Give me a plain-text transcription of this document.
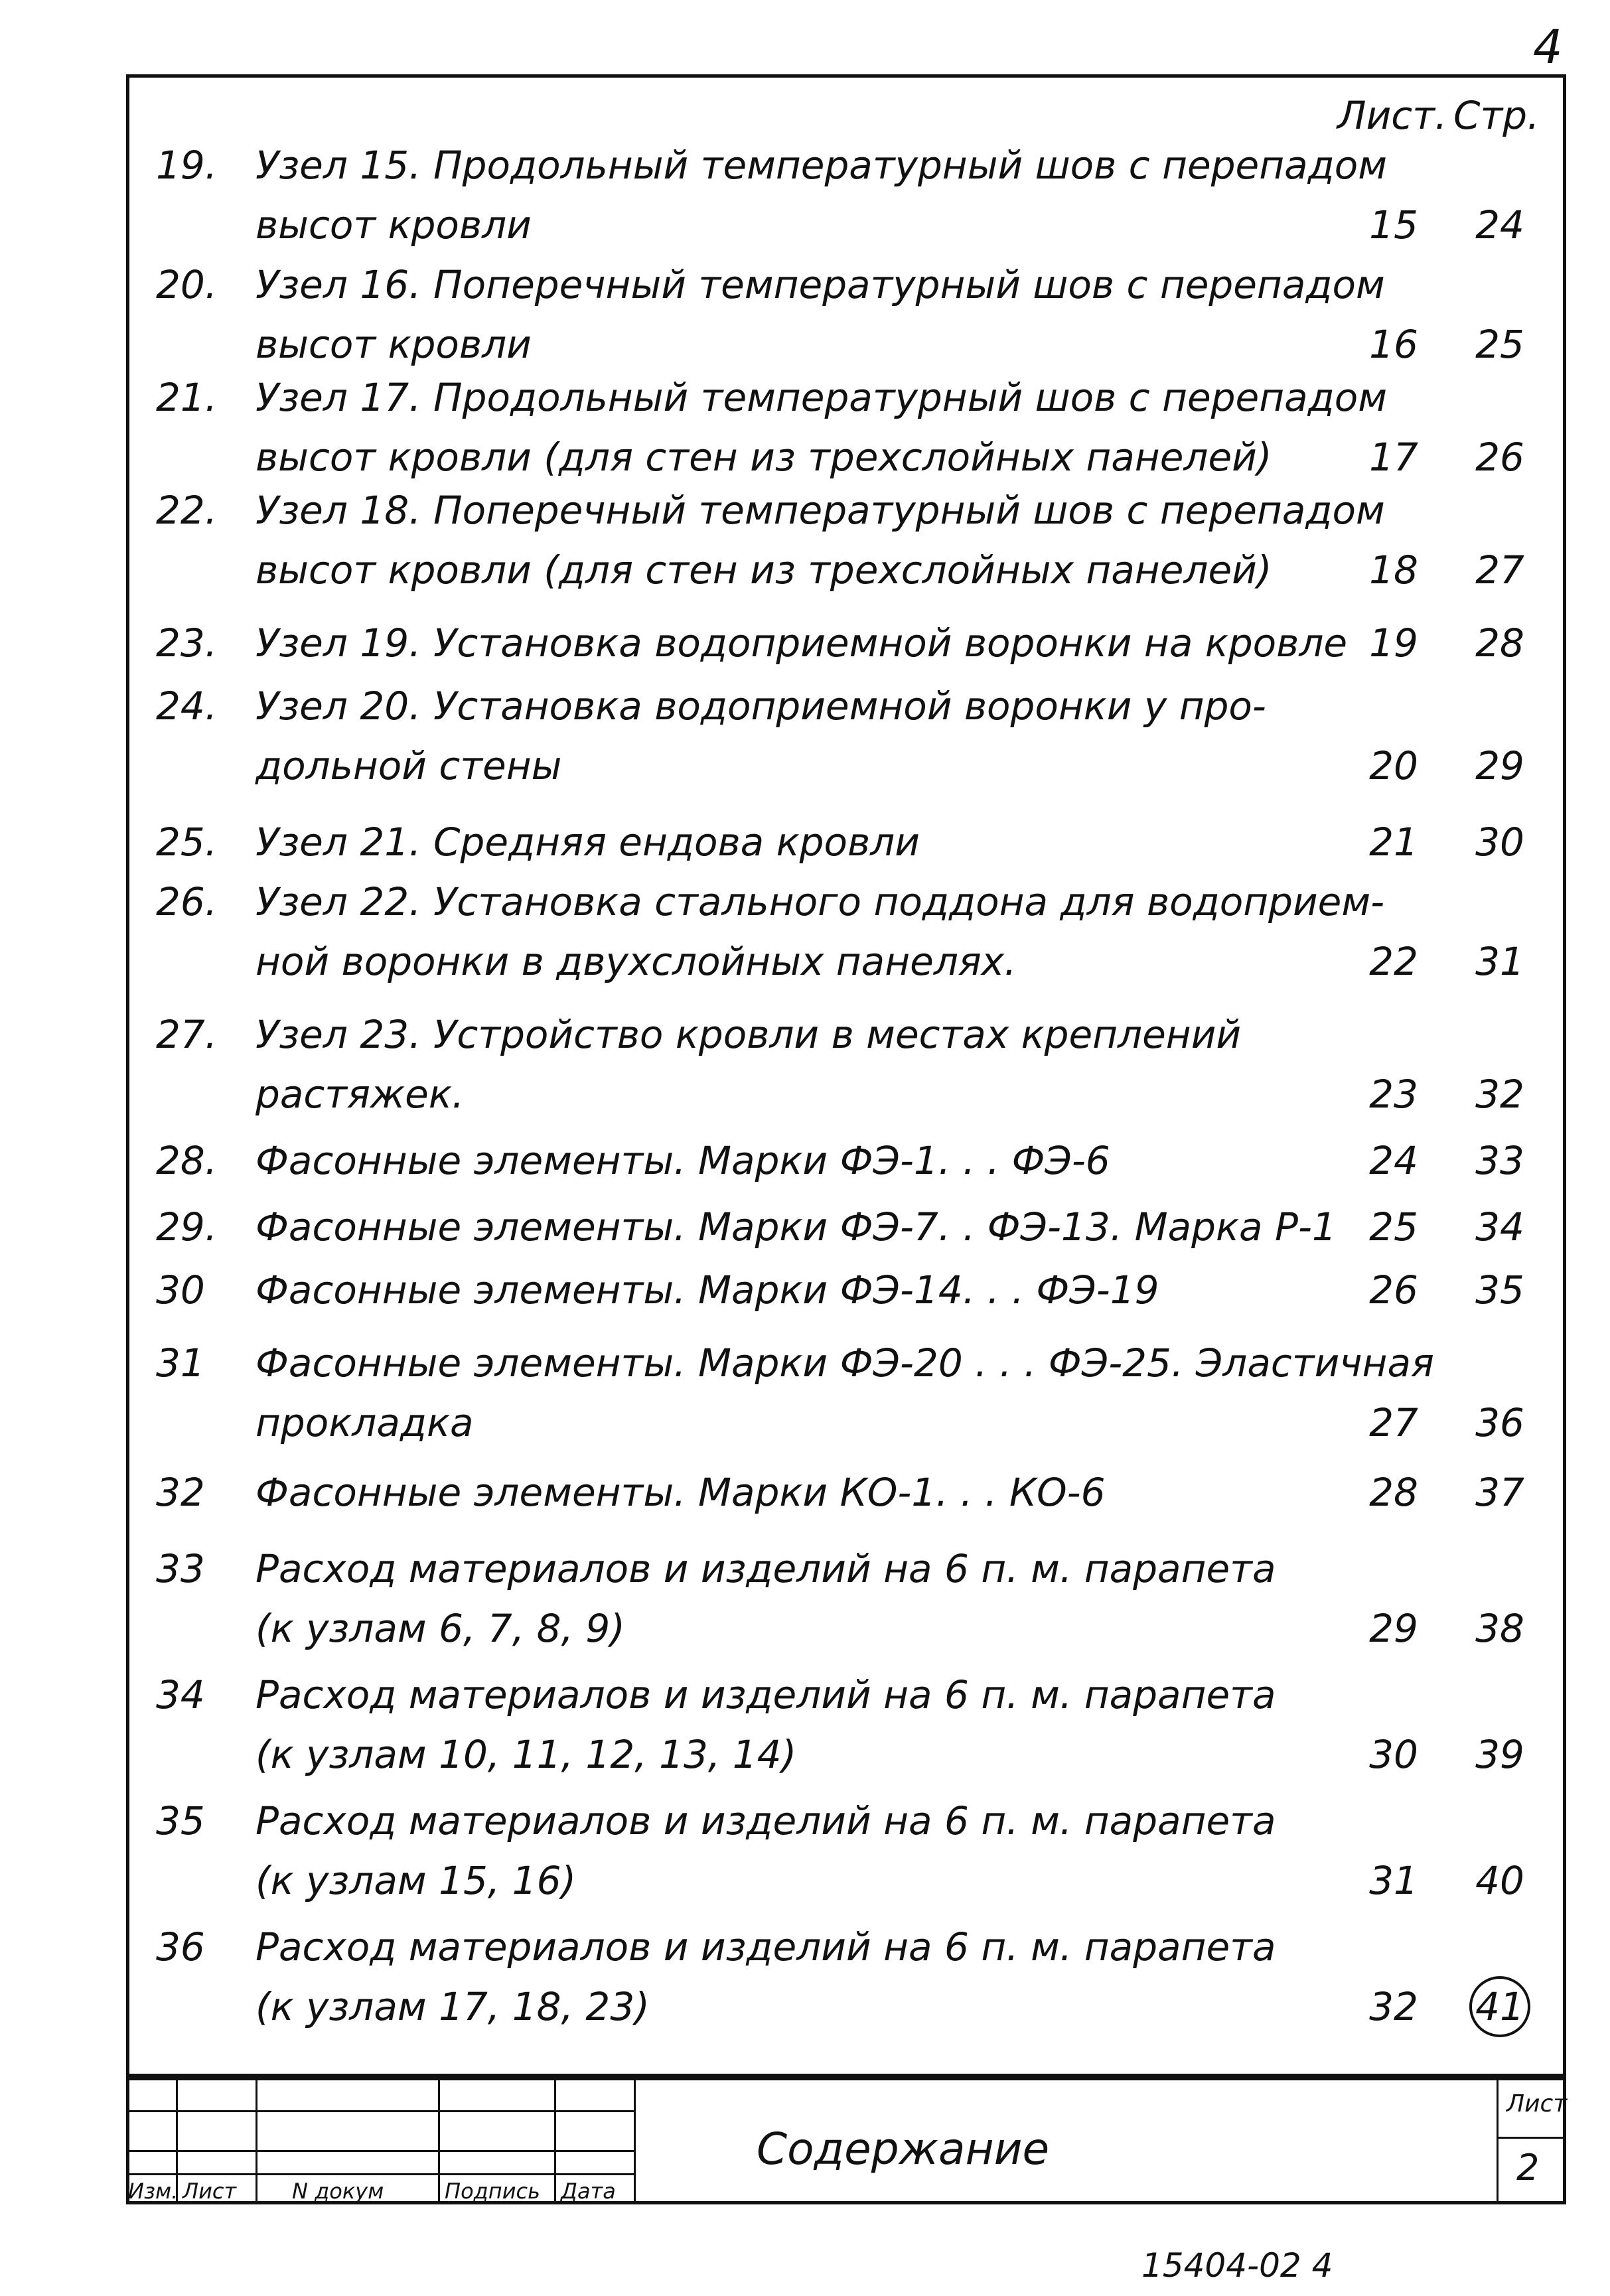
4
Лист. Стр.
19. Узел 15. Продольный температурный шов с перепадом
высот кровли	15	24
20. Узел 16. Поперечный температурный шов с перепадом
высот кровли	16	25
21. Узел 17. Продольный температурный шов с перепадом
высот кровли (для стен из трехслойных панелей)	17	26
22. Узел 18. Поперечный температурный шов с перепадом
высот кровли (для стен из трехслойных панелей)	18	27
23. Узел 19. Установка водоприемной воронки на кровле 19	28
24. Узел 20. Установка водоприемной воронки у про-
дольной стены	20	29
25. Узел 21. Средняя ендова кровли	21	30
26. Узел 22. Установка стального поддона для водоприем-
ной воронки в двухслойных панелях.	22	31
27. Узел 23. Устройство кровли в местах креплений
растяжек.	23	32
28. Фасонные элементы. Марки ФЭ-1. . . ФЭ-6	24	33
29. Фасонные элементы. Марки ФЭ-7. . ФЭ-13. Марка Р-1 25	34
30 Фасонные элементы. Марки ФЭ-14. . . ФЭ-19	26	35
31 Фасонные элементы. Марки ФЭ-20 . . . ФЭ-25. Эластичная
прокладка	27	36
32 Фасонные элементы. Марки КО-1. . . КО-6	28	37
33 Расход материалов и изделий на 6 п. м. парапета
(к узлам 6, 7, 8, 9)	29	38
34 Расход материалов и изделий на 6 п. м. парапета
(к узлам 10, 11, 12, 13, 14)	30	39
35 Расход материалов и изделий на 6 п. м. парапета
(к узлам 15, 16)	31	40
36 Расход материалов и изделий на 6 п. м. парапета
(к узлам 17, 18, 23)	32	41
Изм. Лист	N докум	Подпись Дата
Содержание
Лист
2
15404-02 4
